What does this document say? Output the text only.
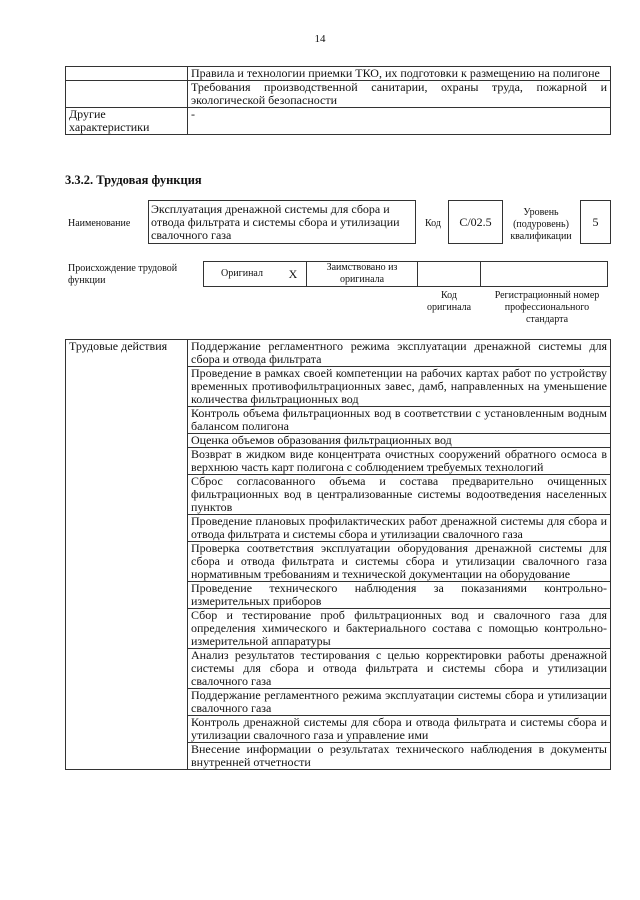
14
	Правила и технологии приемки ТКО, их подготовки к размещению на полигоне
	Требования производственной санитарии, охраны труда, пожарной и экологической безопасности
Другие характеристики	-
3.3.2. Трудовая функция
Наименование
Эксплуатация дренажной системы для сбора и отвода фильтрата и системы сбора и утилизации свалочного газа
Код	С/02.5
Уровень (подуровень) квалификации
5
Происхождение трудовой функции
Оригинал	X	Заимствовано из оригинала		
Код оригинала
Регистрационный номер профессионального стандарта
Трудовые действия	Поддержание регламентного режима эксплуатации дренажной системы для сбора и отвода фильтрата
Проведение в рамках своей компетенции на рабочих картах работ по устройству временных противофильтрационных завес, дамб, направленных на уменьшение количества фильтрационных вод
Контроль объема фильтрационных вод в соответствии с установленным водным балансом полигона
Оценка объемов образования фильтрационных вод
Возврат в жидком виде концентрата очистных сооружений обратного осмоса в верхнюю часть карт полигона с соблюдением требуемых технологий
Сброс согласованного объема и состава предварительно очищенных фильтрационных вод в централизованные системы водоотведения населенных пунктов
Проведение плановых профилактических работ дренажной системы для сбора и отвода фильтрата и системы сбора и утилизации свалочного газа
Проверка соответствия эксплуатации оборудования дренажной системы для сбора и отвода фильтрата и системы сбора и утилизации свалочного газа нормативным требованиям и технической документации на оборудование
Проведение технического наблюдения за показаниями контрольно-измерительных приборов
Сбор и тестирование проб фильтрационных вод и свалочного газа для определения химического и бактериального состава с помощью контрольно-измерительной аппаратуры
Анализ результатов тестирования с целью корректировки работы дренажной системы для сбора и отвода фильтрата и системы сбора и утилизации свалочного газа
Поддержание регламентного режима эксплуатации системы сбора и утилизации свалочного газа
Контроль дренажной системы для сбора и отвода фильтрата и системы сбора и утилизации свалочного газа и управление ими
Внесение информации о результатах технического наблюдения в документы внутренней отчетности
